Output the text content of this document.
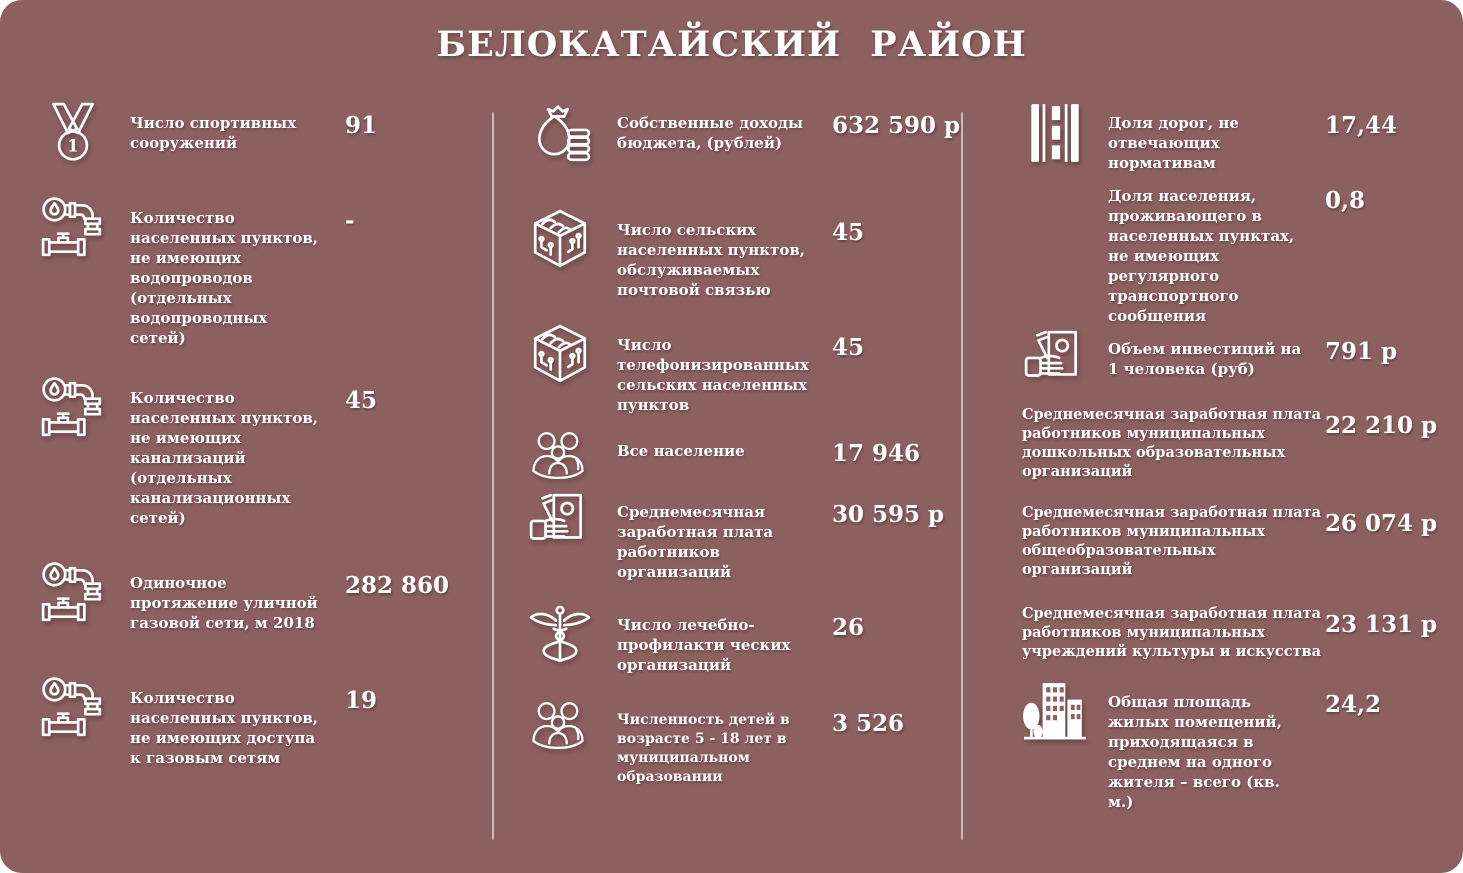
БЕЛОКАТАЙСКИЙ РАЙОН
Число спортивных сооружений
91
Количество населенных пунктов, не имеющих водопроводов (отдельных водопроводных сетей)
-
Количество населенных пунктов, не имеющих канализаций (отдельных канализационных сетей)
45
Одиночное протяжение уличной газовой сети, м 2018
282 860
Количество населенных пунктов, не имеющих доступа к газовым сетям
19
Собственные доходы бюджета, (рублей)
632 590 р
Число сельских населенных пунктов, обслуживаемых почтовой связью
45
Число телефонизированных сельских населенных пунктов
45
Все население	17 946
Среднемесячная заработная плата работников организаций
30 595 р
Число лечебно-профилакти ческих организаций
26
Численность детей в возрасте 5 - 18 лет в муниципальном образовании
3 526
Доля дорог, не отвечающих нормативам
17,44
Доля населения, проживающего в населенных пунктах, не имеющих регулярного транспортного сообщения
0,8
Объем инвестиций на 1 человека (руб)
791 р
Среднемесячная заработная плата работников муниципальных дошкольных образовательных организаций
22 210 р
Среднемесячная заработная плата работников муниципальных общеобразовательных организаций
26 074 р
Среднемесячная заработная плата работников муниципальных учреждений культуры и искусства
23 131 р
Общая площадь жилых помещений, приходящаяся в среднем на одного жителя – всего (кв. м.)
24,2
